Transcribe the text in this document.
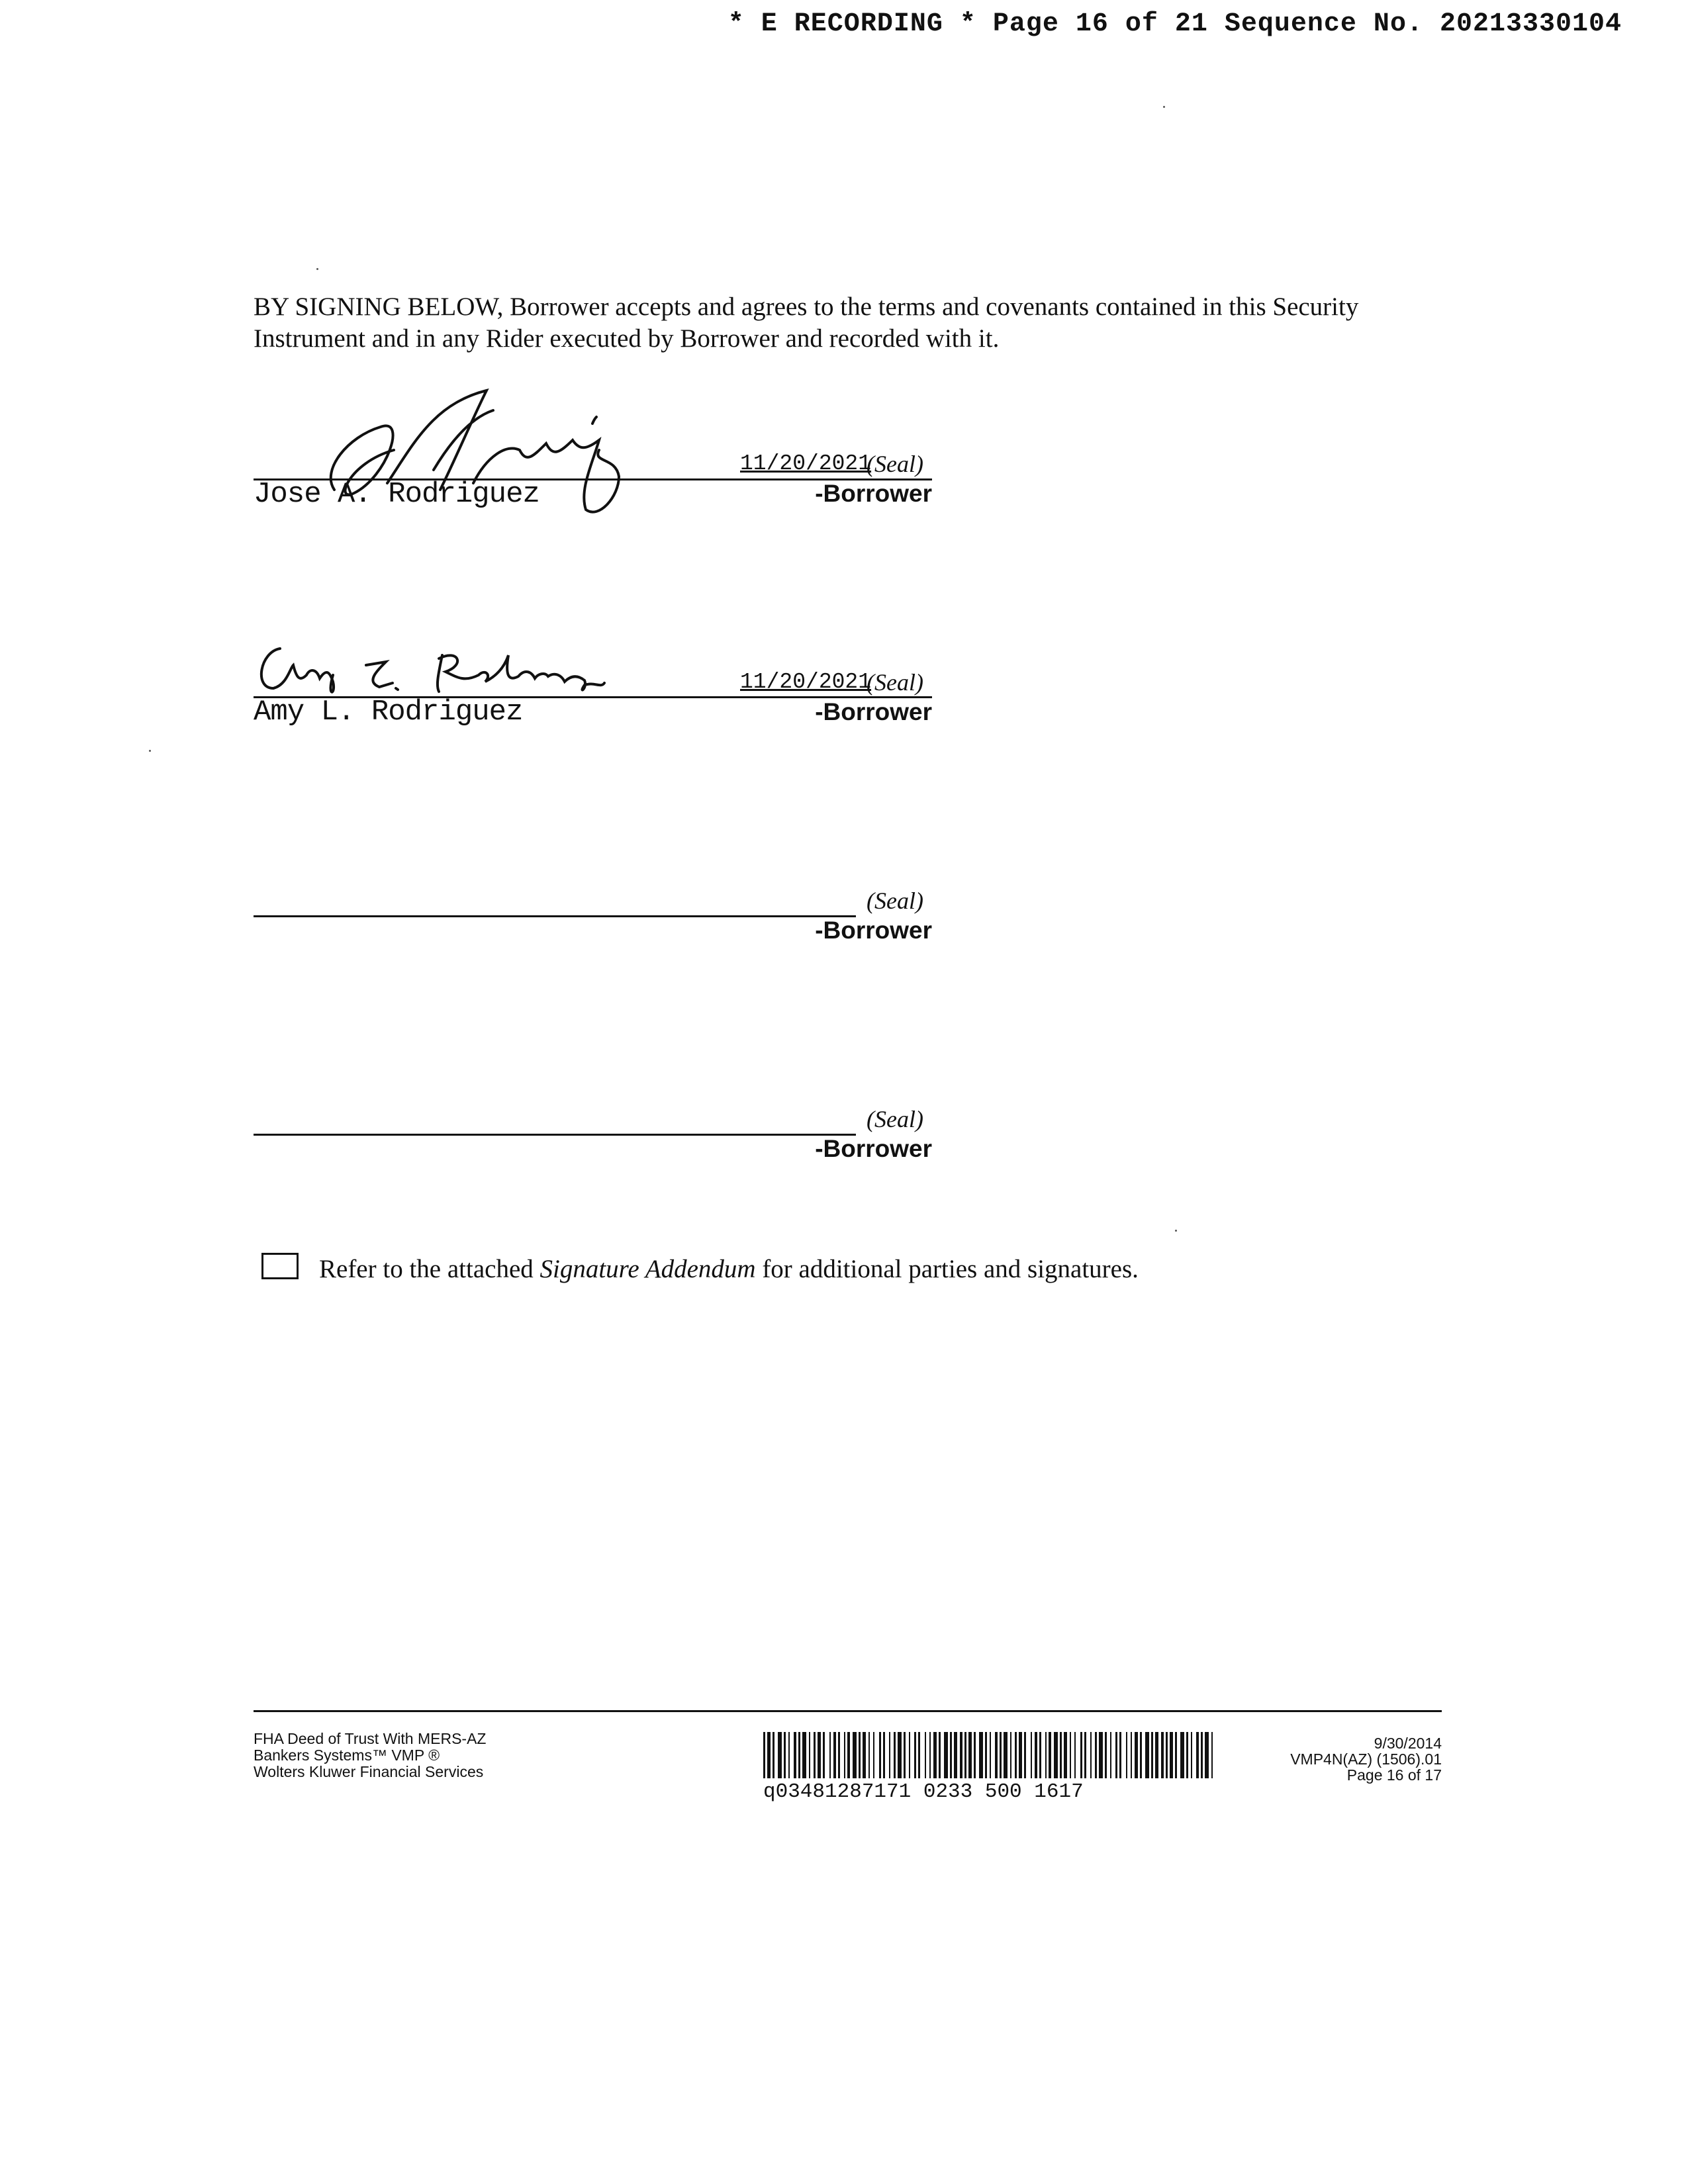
* E RECORDING * Page 16 of 21 Sequence No. 20213330104
BY SIGNING BELOW, Borrower accepts and agrees to the terms and covenants contained in this Security Instrument and in any Rider executed by Borrower and recorded with it.
Jose A. Rodriguez
11/20/2021
(Seal)
-Borrower
Amy L. Rodriguez
11/20/2021
(Seal)
-Borrower
(Seal)
-Borrower
(Seal)
-Borrower
Refer to the attached Signature Addendum for additional parties and signatures.
FHA Deed of Trust With MERS-AZ
Bankers Systems™ VMP ®
Wolters Kluwer Financial Services
q03481287171 0233 500 1617
9/30/2014
VMP4N(AZ) (1506).01
Page 16 of 17
